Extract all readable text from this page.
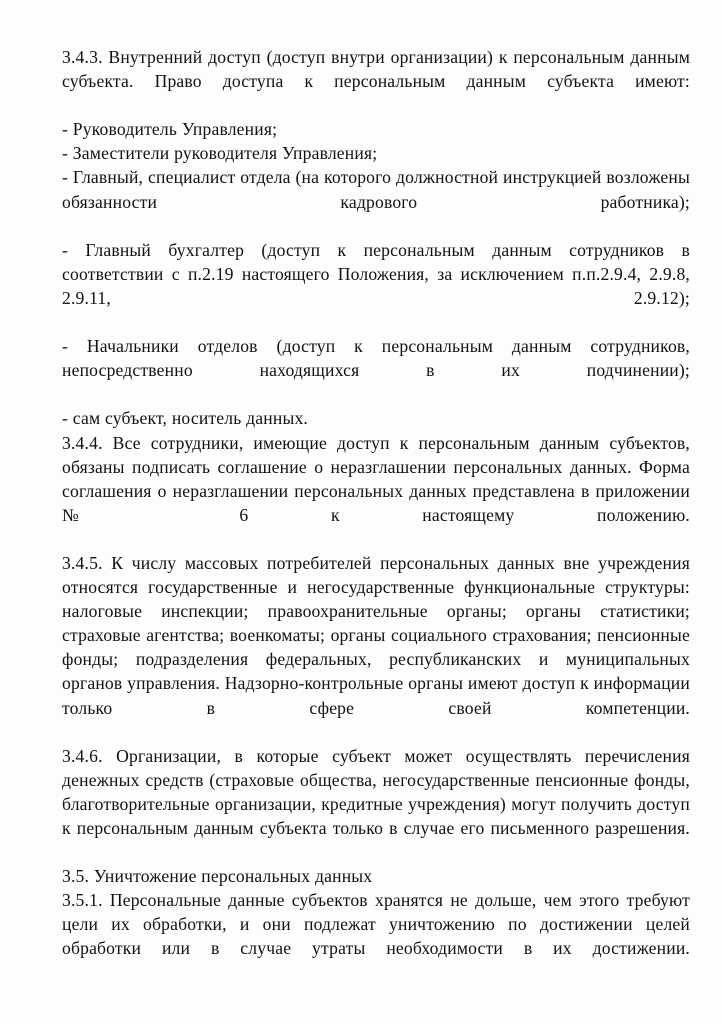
3.4.3. Внутренний доступ (доступ внутри организации) к персональным данным субъекта. Право доступа к персональным данным субъекта имеют:

- Руководитель Управления;

- Заместители руководителя Управления;

- Главный, специалист отдела (на которого должностной инструкцией возложены обязанности кадрового работника);

- Главный бухгалтер (доступ к персональным данным сотрудников в соответствии с п.2.19 настоящего Положения, за исключением п.п.2.9.4, 2.9.8, 2.9.11, 2.9.12);

- Начальники отделов (доступ к персональным данным сотрудников, непосредственно находящихся в их подчинении);

- сам субъект, носитель данных.

3.4.4. Все сотрудники, имеющие доступ к персональным данным субъектов, обязаны подписать соглашение о неразглашении персональных данных. Форма соглашения о неразглашении персональных данных представлена в приложении № 6 к настоящему положению.

3.4.5. К числу массовых потребителей персональных данных вне учреждения относятся государственные и негосударственные функциональные структуры: налоговые инспекции; правоохранительные органы; органы статистики; страховые агентства; военкоматы; органы социального страхования; пенсионные фонды; подразделения федеральных, республиканских и муниципальных органов управления. Надзорно-контрольные органы имеют доступ к информации только в сфере своей компетенции.

3.4.6. Организации, в которые субъект может осуществлять перечисления денежных средств (страховые общества, негосударственные пенсионные фонды, благотворительные организации, кредитные учреждения) могут получить доступ к персональным данным субъекта только в случае его письменного разрешения.

3.5. Уничтожение персональных данных

3.5.1. Персональные данные субъектов хранятся не дольше, чем этого требуют цели их обработки, и они подлежат уничтожению по достижении целей обработки или в случае утраты необходимости в их достижении.
